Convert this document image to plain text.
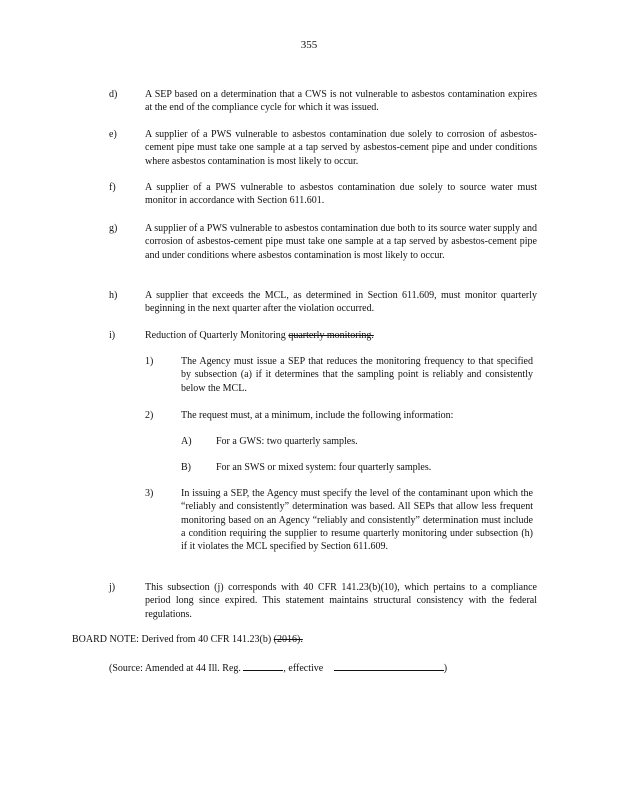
355
d)	A SEP based on a determination that a CWS is not vulnerable to asbestos contamination expires at the end of the compliance cycle for which it was issued.
e)	A supplier of a PWS vulnerable to asbestos contamination due solely to corrosion of asbestos-cement pipe must take one sample at a tap served by asbestos-cement pipe and under conditions where asbestos contamination is most likely to occur.
f)	A supplier of a PWS vulnerable to asbestos contamination due solely to source water must monitor in accordance with Section 611.601.
g)	A supplier of a PWS vulnerable to asbestos contamination due both to its source water supply and corrosion of asbestos-cement pipe must take one sample at a tap served by asbestos-cement pipe and under conditions where asbestos contamination is most likely to occur.
h)	A supplier that exceeds the MCL, as determined in Section 611.609, must monitor quarterly beginning in the next quarter after the violation occurred.
i)	Reduction of Quarterly Monitoring quarterly monitoring.
1)	The Agency must issue a SEP that reduces the monitoring frequency to that specified by subsection (a) if it determines that the sampling point is reliably and consistently below the MCL.
2)	The request must, at a minimum, include the following information:
A) For a GWS: two quarterly samples.
B)	For an SWS or mixed system: four quarterly samples.
3)	In issuing a SEP, the Agency must specify the level of the contaminant upon which the “reliably and consistently” determination was based. All SEPs that allow less frequent monitoring based on an Agency “reliably and consistently” determination must include a condition requiring the supplier to resume quarterly monitoring under subsection (h) if it violates the MCL specified by Section 611.609.
j)	This subsection (j) corresponds with 40 CFR 141.23(b)(10), which pertains to a compliance period long since expired. This statement maintains structural consistency with the federal regulations.
BOARD NOTE: Derived from 40 CFR 141.23(b) (2016).
(Source: Amended at 44 Ill. Reg.	, effective	)
